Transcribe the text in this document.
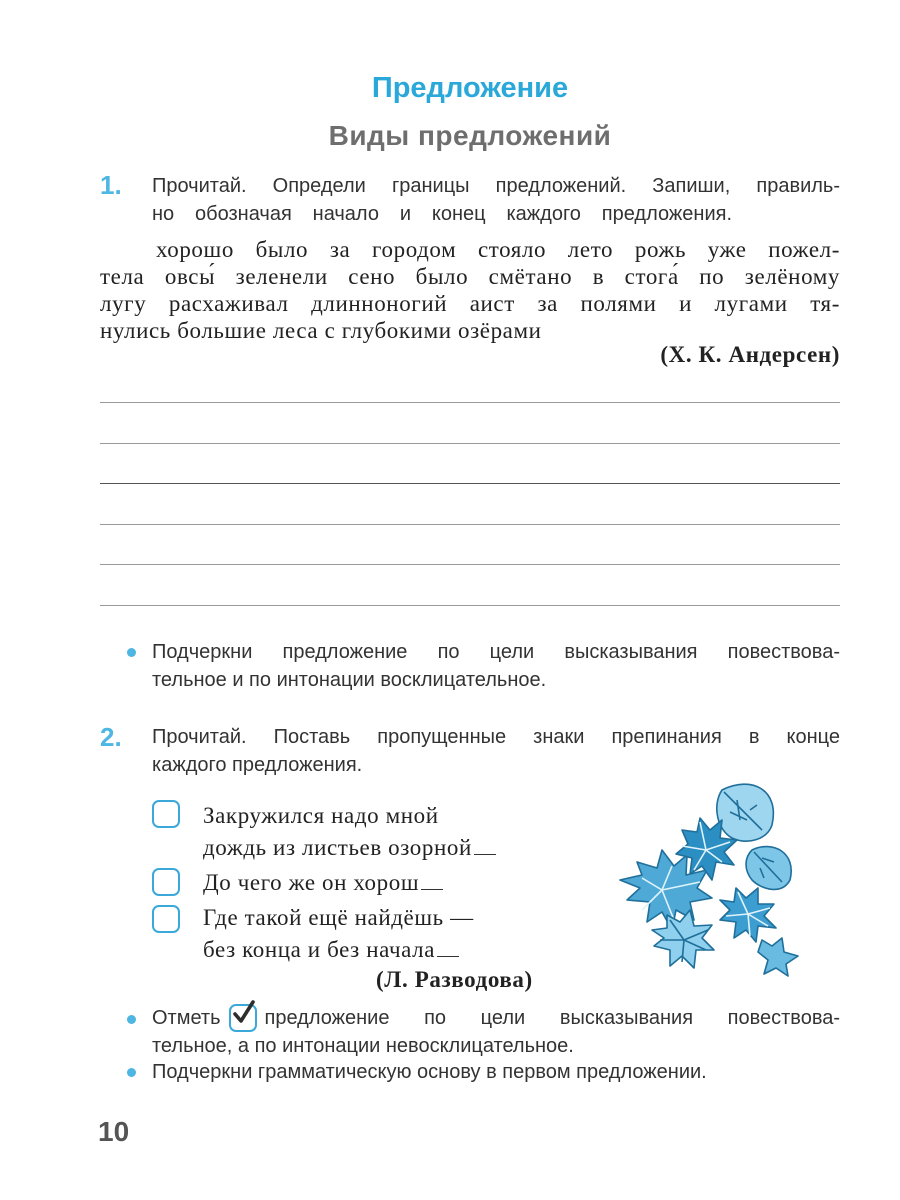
Предложение
Виды предложений
1. Прочитай. Определи границы предложений. Запиши, правиль-
но обозначая начало и конец каждого предложения.
хорошо было за городом стояло лето рожь уже пожел-
тела овсы́ зеленели сено было смётано в стога́ по зелёному
лугу расхаживал длинноногий аист за полями и лугами тя-
нулись большие леса с глубокими озёрами
(Х. К. Андерсен)
Подчеркни предложение по цели высказывания повествова-
тельное и по интонации восклицательное.
2. Прочитай. Поставь пропущенные знаки препинания в конце
каждого предложения.
Закружился надо мной
дождь из листьев озорной
До чего же он хорош
Где такой ещё найдёшь —
без конца и без начала
(Л. Разводова)
Отметь предложение по цели высказывания повествова-
тельное, а по интонации невосклицательное.
Подчеркни грамматическую основу в первом предложении.
10
